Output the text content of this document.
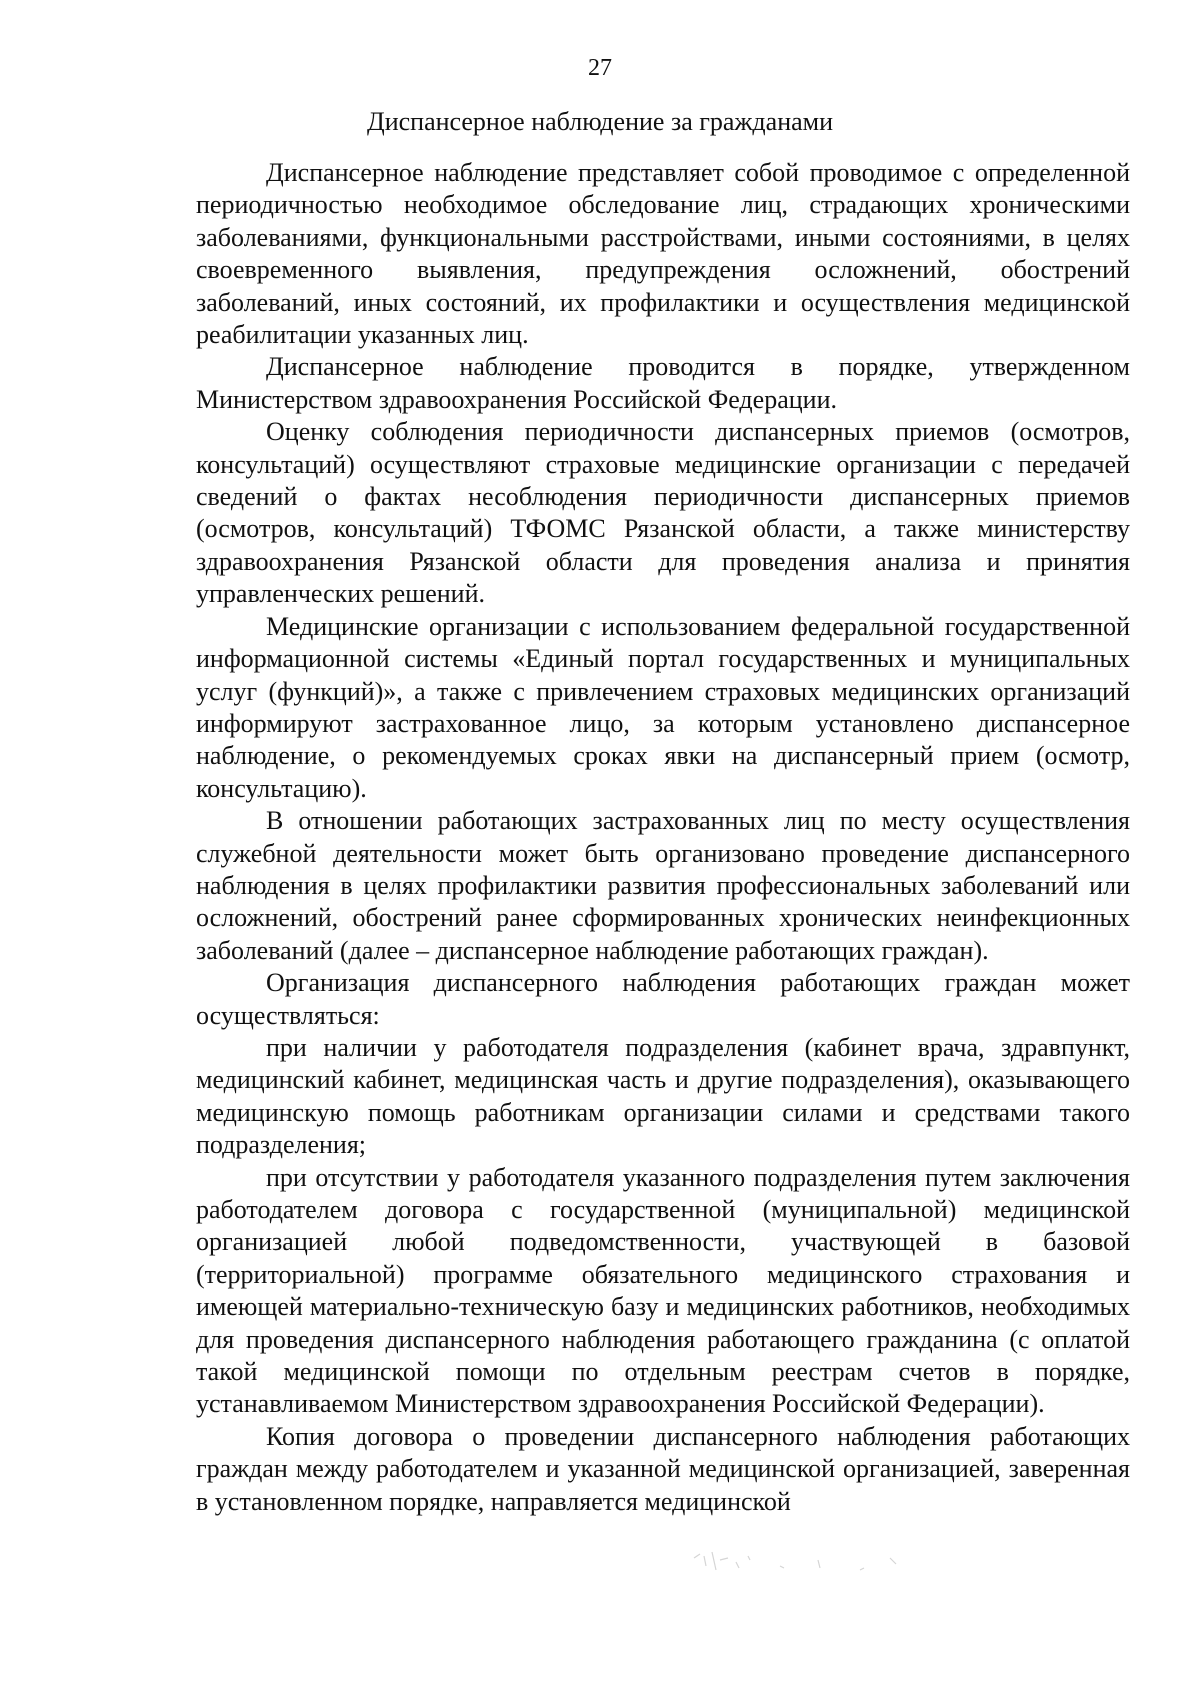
27
Диспансерное наблюдение за гражданами

Диспансерное наблюдение представляет собой проводимое с определенной периодичностью необходимое обследование лиц, страдающих хроническими заболеваниями, функциональными расстройствами, иными состояниями, в целях своевременного выявления, предупреждения осложнений, обострений заболеваний, иных состояний, их профилактики и осуществления медицинской реабилитации указанных лиц.

Диспансерное наблюдение проводится в порядке, утвержденном Министерством здравоохранения Российской Федерации.

Оценку соблюдения периодичности диспансерных приемов (осмотров, консультаций) осуществляют страховые медицинские организации с передачей сведений о фактах несоблюдения периодичности диспансерных приемов (осмотров, консультаций) ТФОМС Рязанской области, а также министерству здравоохранения Рязанской области для проведения анализа и принятия управленческих решений.

Медицинские организации с использованием федеральной государственной информационной системы «Единый портал государственных и муниципальных услуг (функций)», а также с привлечением страховых медицинских организаций информируют застрахованное лицо, за которым установлено диспансерное наблюдение, о рекомендуемых сроках явки на диспансерный прием (осмотр, консультацию).

В отношении работающих застрахованных лиц по месту осуществления служебной деятельности может быть организовано проведение диспансерного наблюдения в целях профилактики развития профессиональных заболеваний или осложнений, обострений ранее сформированных хронических неинфекционных заболеваний (далее – диспансерное наблюдение работающих граждан).

Организация диспансерного наблюдения работающих граждан может осуществляться:

при наличии у работодателя подразделения (кабинет врача, здравпункт, медицинский кабинет, медицинская часть и другие подразделения), оказывающего медицинскую помощь работникам организации силами и средствами такого подразделения;

при отсутствии у работодателя указанного подразделения путем заключения работодателем договора с государственной (муниципальной) медицинской организацией любой подведомственности, участвующей в базовой (территориальной) программе обязательного медицинского страхования и имеющей материально-техническую базу и медицинских работников, необходимых для проведения диспансерного наблюдения работающего гражданина (с оплатой такой медицинской помощи по отдельным реестрам счетов в порядке, устанавливаемом Министерством здравоохранения Российской Федерации).

Копия договора о проведении диспансерного наблюдения работающих граждан между работодателем и указанной медицинской организацией, заверенная в установленном порядке, направляется медицинской
